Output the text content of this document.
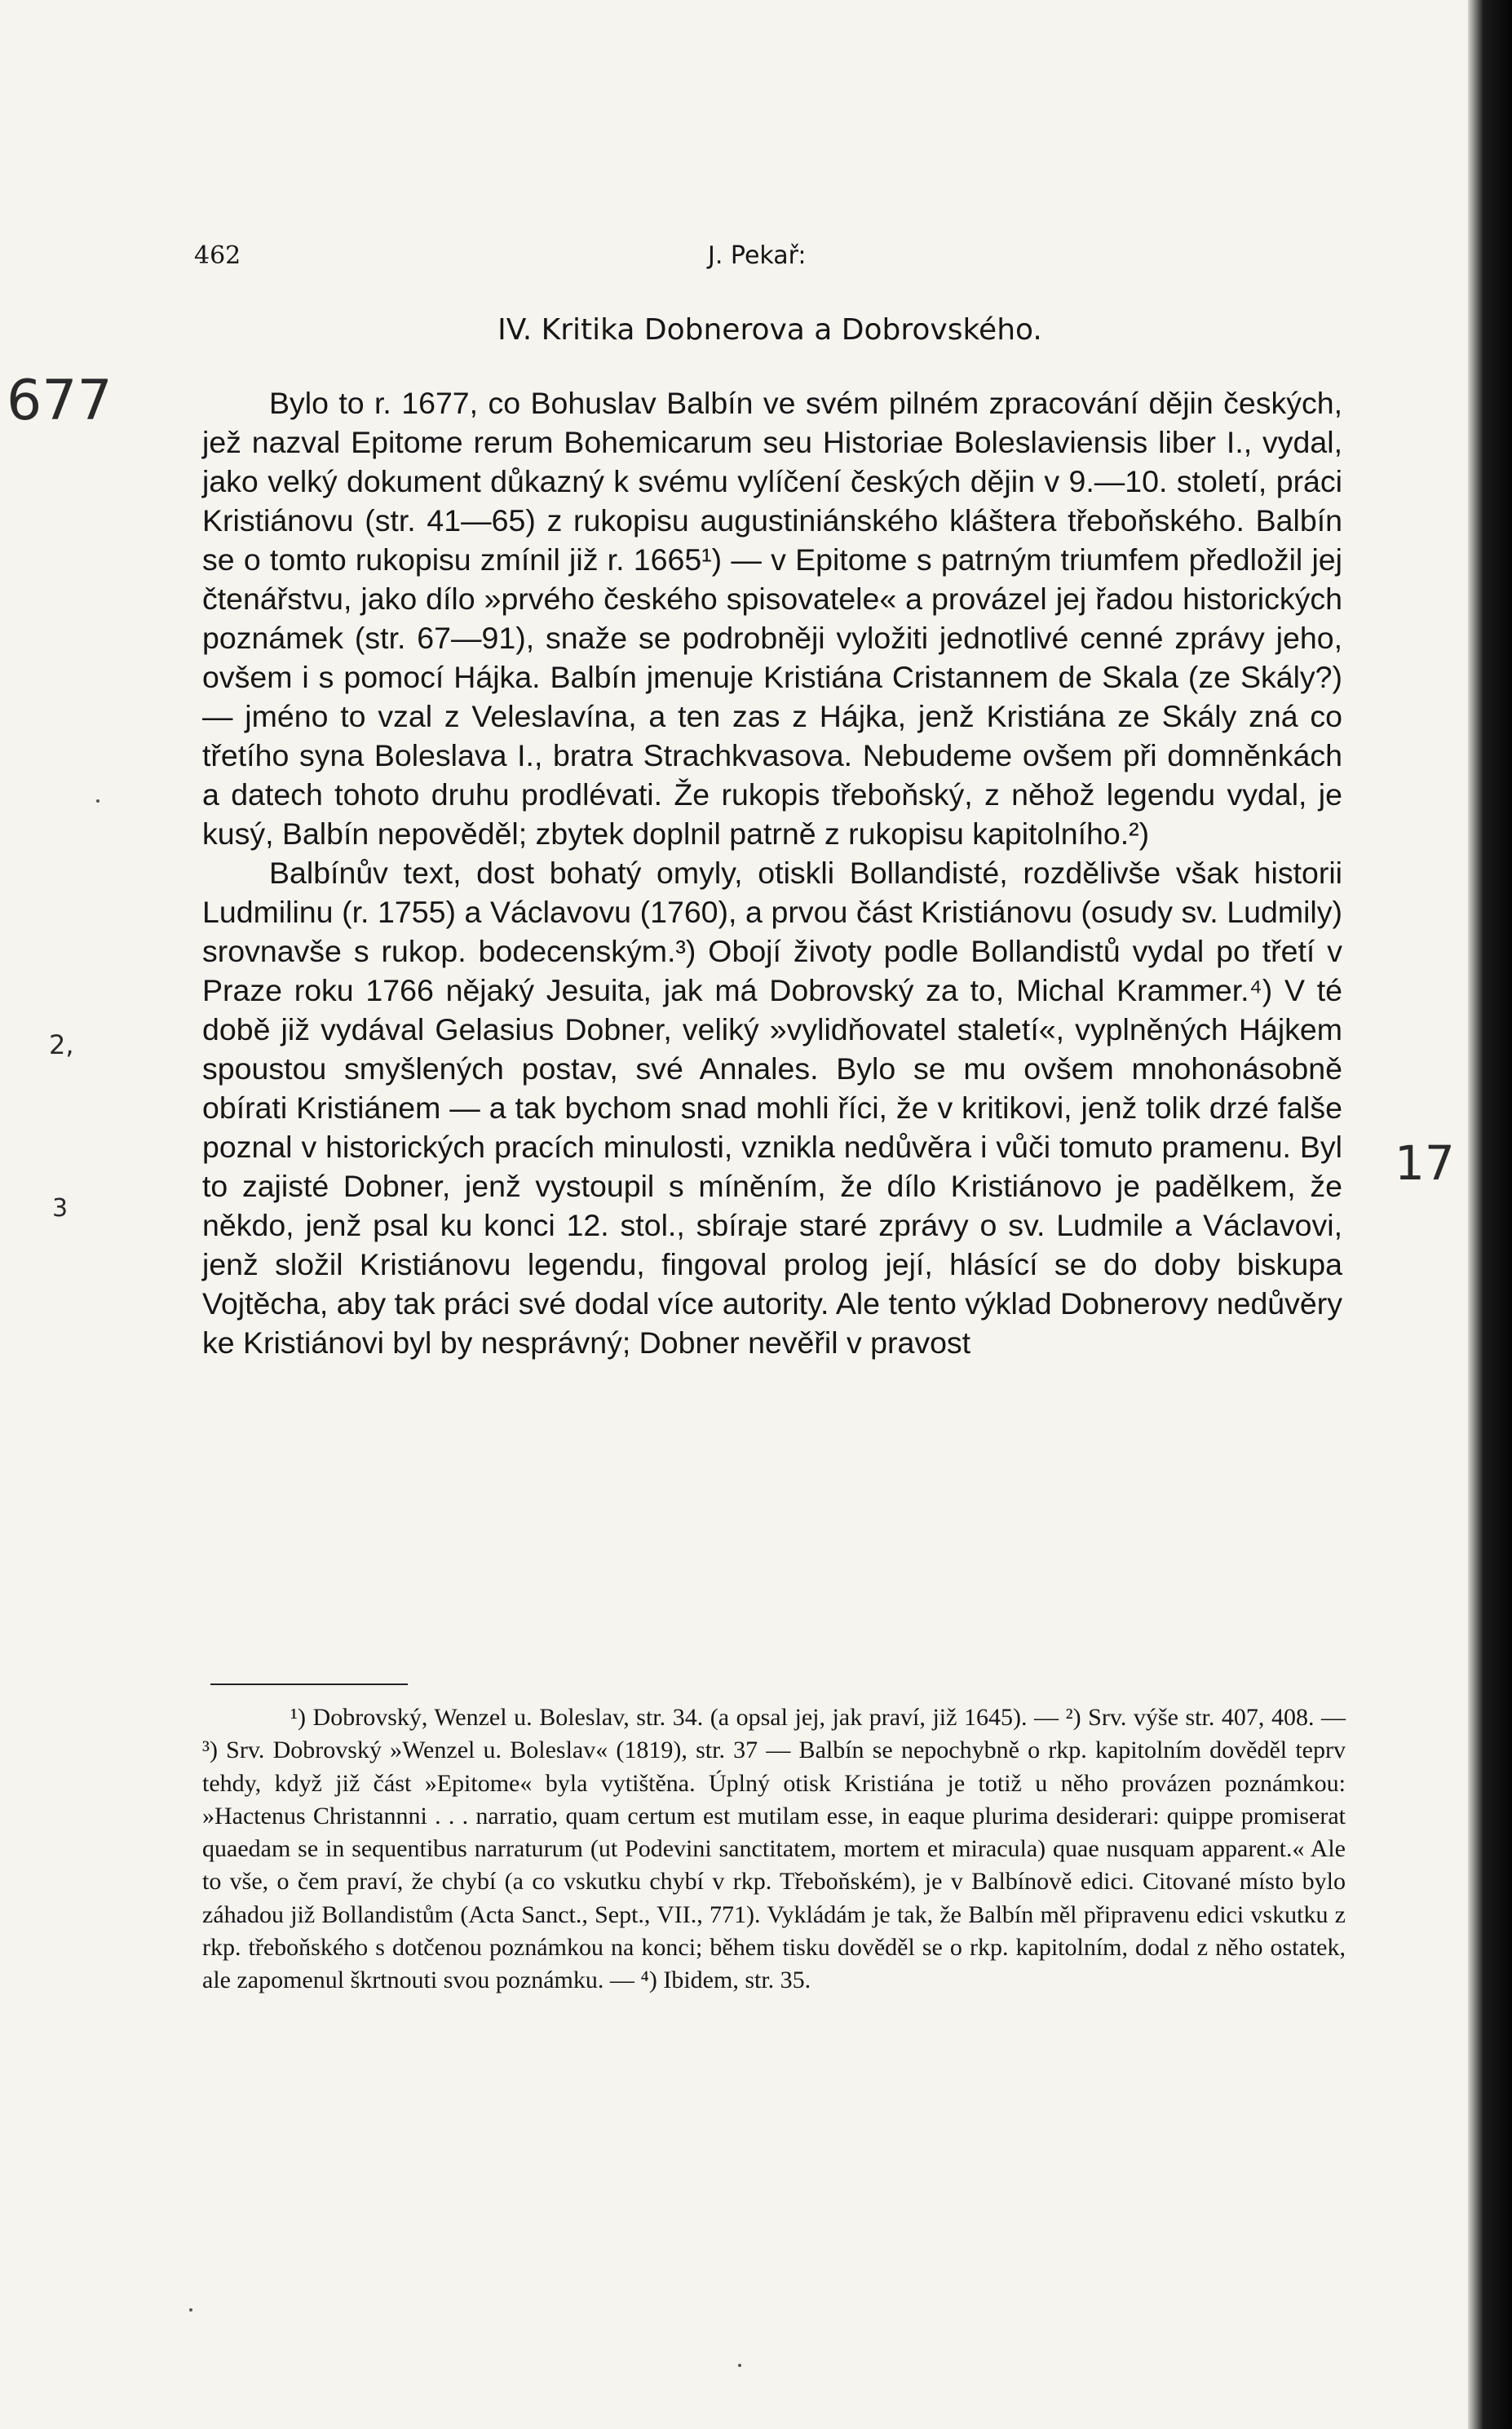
462	J. Pekař:
IV. Kritika Dobnerova a Dobrovského.

Bylo to r. 1677, co Bohuslav Balbín ve svém pilném zpracování dějin českých, jež nazval Epitome rerum Bohemicarum seu Historiae Boleslaviensis liber I., vydal, jako velký dokument důkazný k svému vylíčení českých dějin v 9.—10. století, práci Kristiánovu (str. 41—65) z rukopisu augustiniánského kláštera třeboňského. Balbín se o tomto rukopisu zmínil již r. 1665¹) — v Epitome s patrným triumfem předložil jej čtenářstvu, jako dílo »prvého českého spisovatele« a provázel jej řadou historických poznámek (str. 67—91), snaže se podrobněji vyložiti jednotlivé cenné zprávy jeho, ovšem i s pomocí Hájka. Balbín jmenuje Kristiána Cristannem de Skala (ze Skály?) — jméno to vzal z Veleslavína, a ten zas z Hájka, jenž Kristiána ze Skály zná co třetího syna Boleslava I., bratra Strachkvasova. Nebudeme ovšem při domněnkách a datech tohoto druhu prodlévati. Že rukopis třeboňský, z něhož legendu vydal, je kusý, Balbín nepověděl; zbytek doplnil patrně z rukopisu kapitolního.²)

Balbínův text, dost bohatý omyly, otiskli Bollandisté, rozdělivše však historii Ludmilinu (r. 1755) a Václavovu (1760), a prvou část Kristiánovu (osudy sv. Ludmily) srovnavše s rukop. bodecenským.³) Obojí životy podle Bollandistů vydal po třetí v Praze roku 1766 nějaký Jesuita, jak má Dobrovský za to, Michal Krammer.⁴) V té době již vydával Gelasius Dobner, veliký »vylidňovatel staletí«, vyplněných Hájkem spoustou smyšlených postav, své Annales. Bylo se mu ovšem mnohonásobně obírati Kristiánem — a tak bychom snad mohli říci, že v kritikovi, jenž tolik drzé falše poznal v historických pracích minulosti, vznikla nedůvěra i vůči tomuto pramenu. Byl to zajisté Dobner, jenž vystoupil s míněním, že dílo Kristiánovo je padělkem, že někdo, jenž psal ku konci 12. stol., sbíraje staré zprávy o sv. Ludmile a Václavovi, jenž složil Kristiánovu legendu, fingoval prolog její, hlásící se do doby biskupa Vojtěcha, aby tak práci své dodal více autority. Ale tento výklad Dobnerovy nedůvěry ke Kristiánovi byl by nesprávný; Dobner nevěřil v pravost

¹) Dobrovský, Wenzel u. Boleslav, str. 34. (a opsal jej, jak praví, již 1645). — ²) Srv. výše str. 407, 408. — ³) Srv. Dobrovský »Wenzel u. Boleslav« (1819), str. 37 — Balbín se nepochybně o rkp. kapitolním dověděl teprv tehdy, když již část »Epitome« byla vytištěna. Úplný otisk Kristiána je totiž u něho provázen poznámkou: »Hactenus Christannni . . . narratio, quam certum est mutilam esse, in eaque plurima desiderari: quippe promiserat quaedam se in sequentibus narraturum (ut Podevini sanctitatem, mortem et miracula) quae nusquam apparent.« Ale to vše, o čem praví, že chybí (a co vskutku chybí v rkp. Třeboňském), je v Balbínově edici. Citované místo bylo záhadou již Bollandistům (Acta Sanct., Sept., VII., 771). Vykládám je tak, že Balbín měl připravenu edici vskutku z rkp. třeboňského s dotčenou poznámkou na konci; během tisku dověděl se o rkp. kapitolním, dodal z něho ostatek, ale zapomenul škrtnouti svou poznámku. — ⁴) Ibidem, str. 35.
677
2,
3
17
